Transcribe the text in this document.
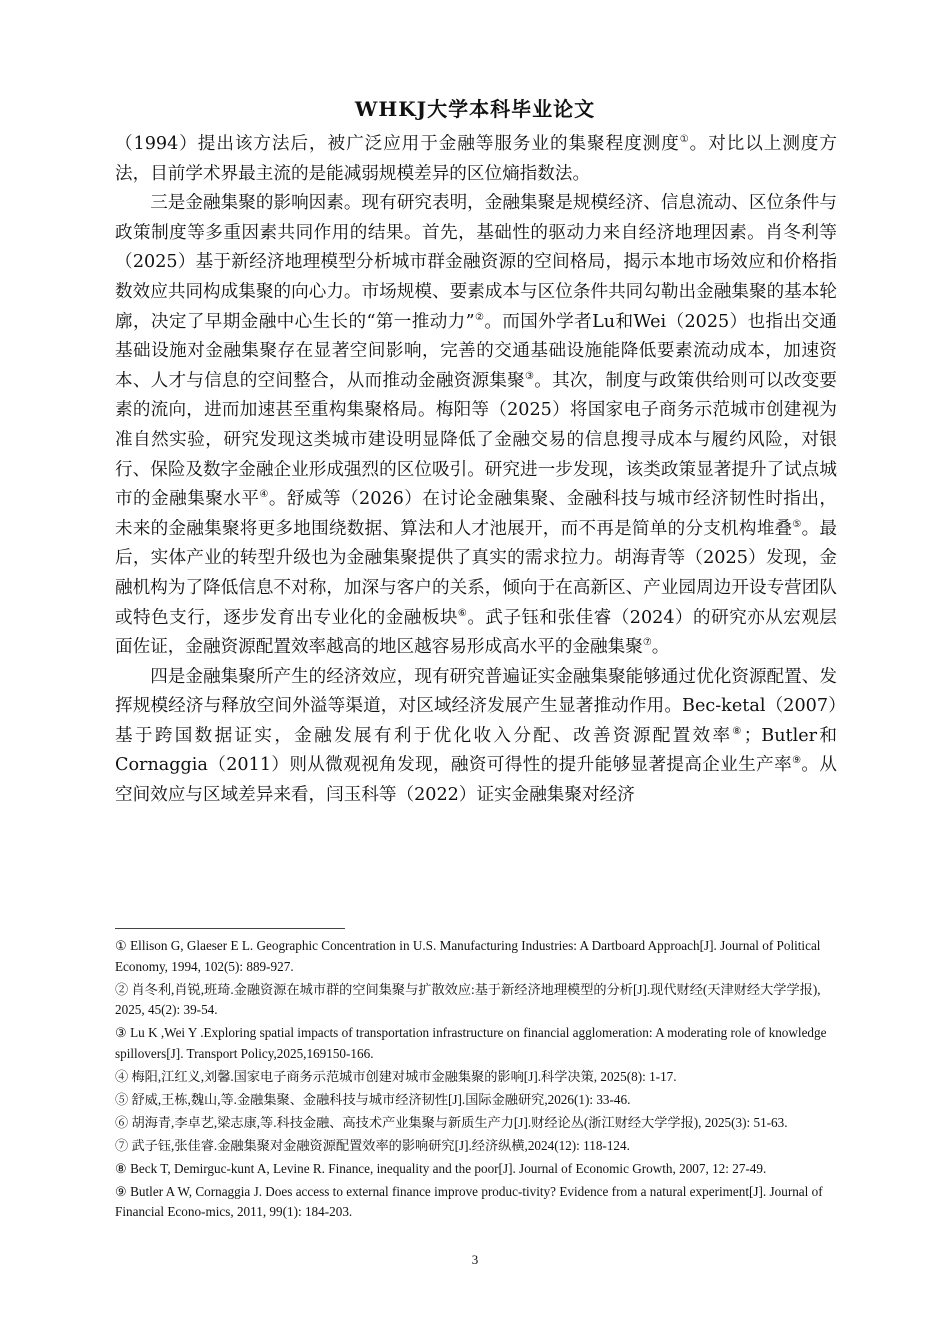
WHKJ大学本科毕业论文

（1994）提出该方法后，被广泛应用于金融等服务业的集聚程度测度①。对比以上测度方法，目前学术界最主流的是能减弱规模差异的区位熵指数法。

三是金融集聚的影响因素。现有研究表明，金融集聚是规模经济、信息流动、区位条件与政策制度等多重因素共同作用的结果。首先，基础性的驱动力来自经济地理因素。肖冬利等（2025）基于新经济地理模型分析城市群金融资源的空间格局，揭示本地市场效应和价格指数效应共同构成集聚的向心力。市场规模、要素成本与区位条件共同勾勒出金融集聚的基本轮廓，决定了早期金融中心生长的“第一推动力”②。而国外学者Lu和Wei（2025）也指出交通基础设施对金融集聚存在显著空间影响，完善的交通基础设施能降低要素流动成本，加速资本、人才与信息的空间整合，从而推动金融资源集聚③。其次，制度与政策供给则可以改变要素的流向，进而加速甚至重构集聚格局。梅阳等（2025）将国家电子商务示范城市创建视为准自然实验，研究发现这类城市建设明显降低了金融交易的信息搜寻成本与履约风险，对银行、保险及数字金融企业形成强烈的区位吸引。研究进一步发现，该类政策显著提升了试点城市的金融集聚水平④。舒威等（2026）在讨论金融集聚、金融科技与城市经济韧性时指出，未来的金融集聚将更多地围绕数据、算法和人才池展开，而不再是简单的分支机构堆叠⑤。最后，实体产业的转型升级也为金融集聚提供了真实的需求拉力。胡海青等（2025）发现，金融机构为了降低信息不对称，加深与客户的关系，倾向于在高新区、产业园周边开设专营团队或特色支行，逐步发育出专业化的金融板块⑥。武子钰和张佳睿（2024）的研究亦从宏观层面佐证，金融资源配置效率越高的地区越容易形成高水平的金融集聚⑦。

四是金融集聚所产生的经济效应，现有研究普遍证实金融集聚能够通过优化资源配置、发挥规模经济与释放空间外溢等渠道，对区域经济发展产生显著推动作用。Bec-ketal（2007）基于跨国数据证实，金融发展有利于优化收入分配、改善资源配置效率⑧；Butler和Cornaggia（2011）则从微观视角发现，融资可得性的提升能够显著提高企业生产率⑨。从空间效应与区域差异来看，闫玉科等（2022）证实金融集聚对经济

① Ellison G, Glaeser E L. Geographic Concentration in U.S. Manufacturing Industries: A Dartboard Approach[J]. Journal of Political Economy, 1994, 102(5): 889-927.

② 肖冬利,肖锐,班琦.金融资源在城市群的空间集聚与扩散效应:基于新经济地理模型的分析[J].现代财经(天津财经大学学报), 2025, 45(2): 39-54.

③ Lu K ,Wei Y .Exploring spatial impacts of transportation infrastructure on financial agglomeration: A moderating role of knowledge spillovers[J]. Transport Policy,2025,169150-166.

④ 梅阳,江红义,刘馨.国家电子商务示范城市创建对城市金融集聚的影响[J].科学决策, 2025(8): 1-17.

⑤ 舒威,王栋,魏山,等.金融集聚、金融科技与城市经济韧性[J].国际金融研究,2026(1): 33-46.

⑥ 胡海青,李卓艺,梁志康,等.科技金融、高技术产业集聚与新质生产力[J].财经论丛(浙江财经大学学报), 2025(3): 51-63.

⑦ 武子钰,张佳睿.金融集聚对金融资源配置效率的影响研究[J].经济纵横,2024(12): 118-124.

⑧ Beck T, Demirguc-kunt A, Levine R. Finance, inequality and the poor[J]. Journal of Economic Growth, 2007, 12: 27-49.

⑨ Butler A W, Cornaggia J. Does access to external finance improve produc-tivity? Evidence from a natural experiment[J]. Journal of Financial Econo-mics, 2011, 99(1): 184-203.

3
